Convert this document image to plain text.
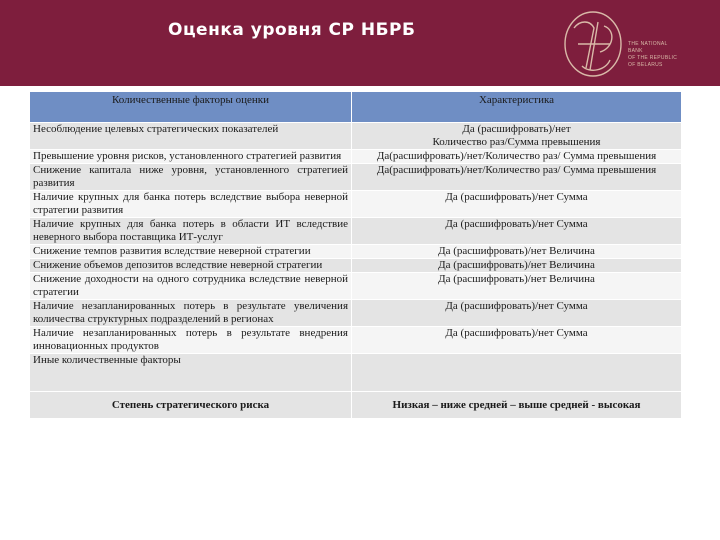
Оценка уровня СР НБРБ
THE NATIONAL
BANK
OF THE REPUBLIC
OF BELARUS
Количественные факторы оценки	Характеристика
Несоблюдение целевых стратегических показателей	Да (расшифровать)/нет
	Количество раз/Сумма превышения
Превышение уровня рисков, установленного стратегией развития	Да(расшифровать)/нет/Количество раз/ Сумма превышения
Снижение капитала ниже уровня, установленного стратегией развития	Да(расшифровать)/нет/Количество раз/ Сумма превышения
Наличие крупных для банка потерь вследствие выбора неверной стратегии развития	Да (расшифровать)/нет Сумма
Наличие крупных для банка потерь в области ИТ вследствие неверного выбора поставщика ИТ-услуг	Да (расшифровать)/нет Сумма
Снижение темпов развития вследствие неверной стратегии	Да (расшифровать)/нет Величина
Снижение объемов депозитов вследствие неверной стратегии	Да (расшифровать)/нет Величина
Снижение доходности на одного сотрудника вследствие неверной стратегии	Да (расшифровать)/нет Величина
Наличие незапланированных потерь в результате увеличения количества структурных подразделений в регионах	Да (расшифровать)/нет Сумма
Наличие незапланированных потерь в результате внедрения инновационных продуктов	Да (расшифровать)/нет Сумма
Иные количественные факторы	

Степень стратегического риска	Низкая – ниже средней – выше средней - высокая
